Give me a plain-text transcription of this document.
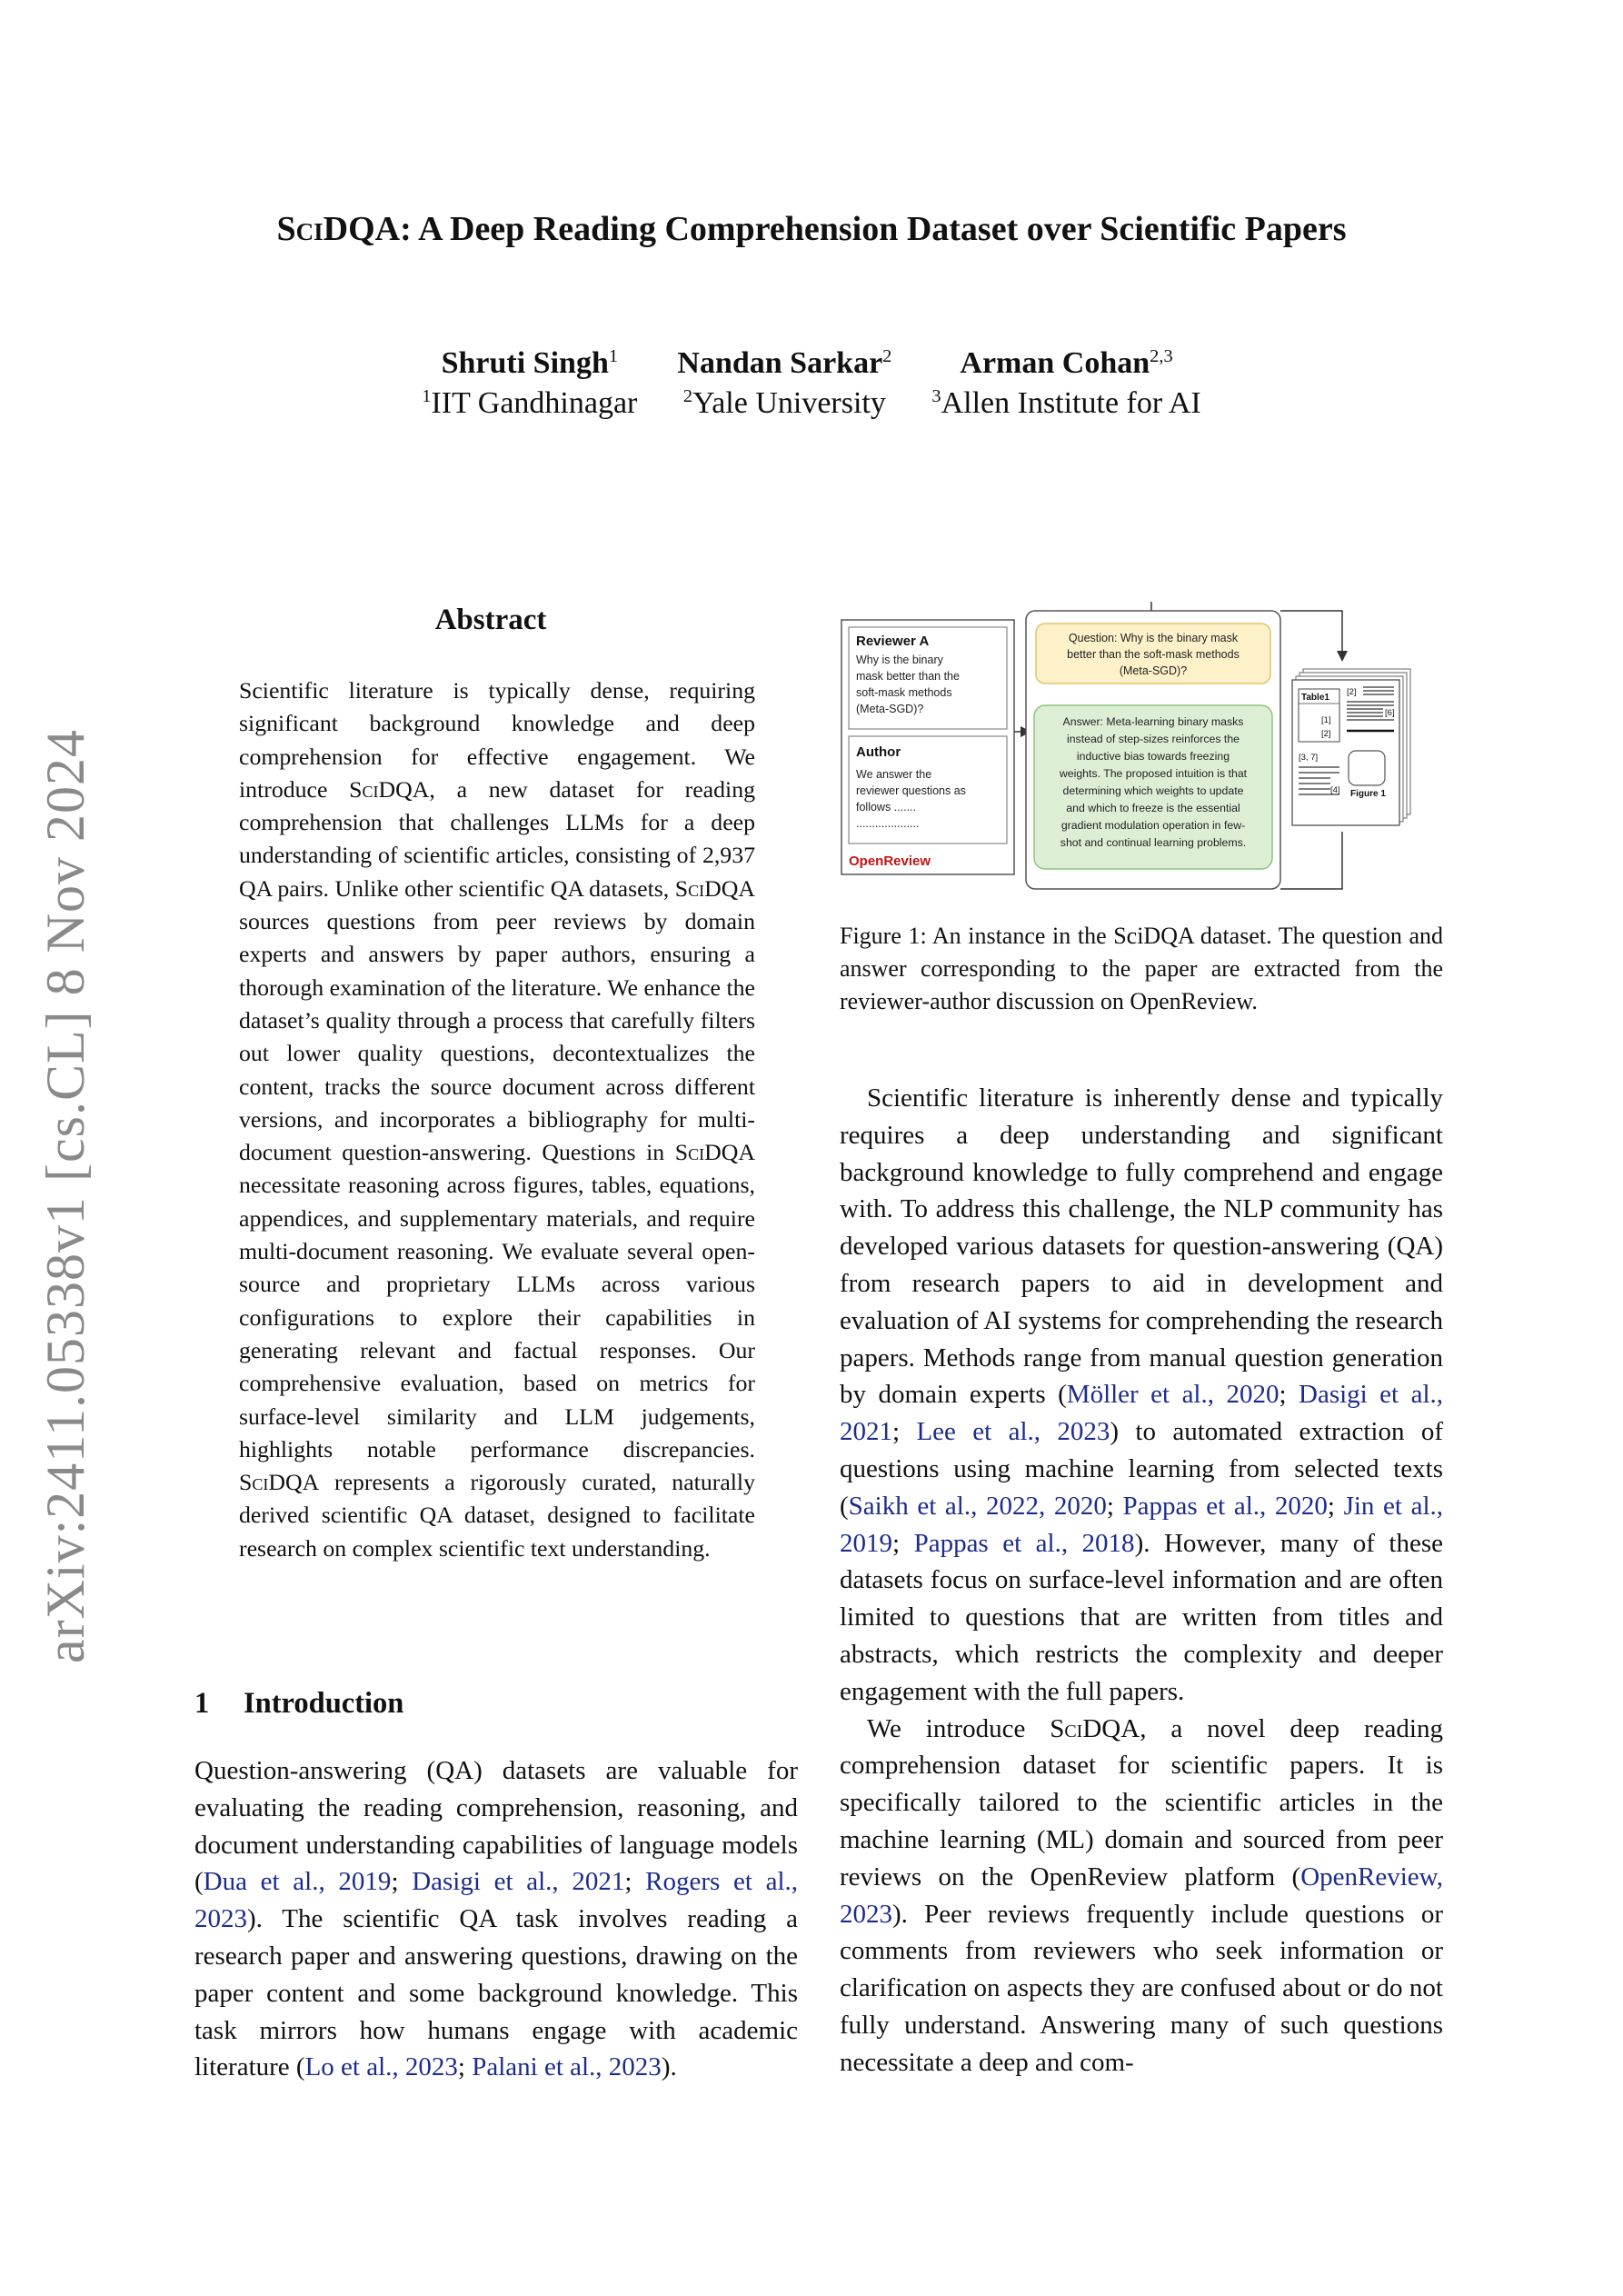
arXiv:2411.05338v1 [cs.CL] 8 Nov 2024
SciDQA: A Deep Reading Comprehension Dataset over Scientific Papers
Shruti Singh$^1$
$^1$IIT GandhinagarNandan Sarkar$^2$
$^2$Yale UniversityArman Cohan$^{2,3}$
$^3$Allen Institute for AI
Abstract

Scientific literature is typically dense, requiring significant background knowledge and deep comprehension for effective engagement. We introduce SciDQA, a new dataset for reading comprehension that challenges LLMs for a deep understanding of scientific articles, consisting of 2,937 QA pairs. Unlike other scientific QA datasets, SciDQA sources questions from peer reviews by domain experts and answers by paper authors, ensuring a thorough examination of the literature. We enhance the dataset’s quality through a process that carefully filters out lower quality questions, decontextualizes the content, tracks the source document across different versions, and incorporates a bibliography for multi-document question-answering. Questions in SciDQA necessitate reasoning across figures, tables, equations, appendices, and supplementary materials, and require multi-document reasoning. We evaluate several open-source and proprietary LLMs across various configurations to explore their capabilities in generating relevant and factual responses. Our comprehensive evaluation, based on metrics for surface-level similarity and LLM judgements, highlights notable performance discrepancies. SciDQA represents a rigorously curated, naturally derived scientific QA dataset, designed to facilitate research on complex scientific text understanding.

1 Introduction

Question-answering (QA) datasets are valuable for evaluating the reading comprehension, reasoning, and document understanding capabilities of language models (Dua et al., 2019; Dasigi et al., 2021; Rogers et al., 2023). The scientific QA task involves reading a research paper and answering questions, drawing on the paper content and some background knowledge. This task mirrors how humans engage with academic literature (Lo et al., 2023; Palani et al., 2023).

Reviewer A
Why is the binary
mask better than the
soft-mask methods
(Meta-SGD)?
Author
We answer the
reviewer questions as
follows .......
....................
OpenReview
Question: Why is the binary mask
better than the soft-mask methods
(Meta-SGD)?
Answer: Meta-learning binary masks
instead of step-sizes reinforces the
inductive bias towards freezing
weights. The proposed intuition is that
determining which weights to update
and which to freeze is the essential
gradient modulation operation in few-
shot and continual learning problems.
Table1
[1]
[2]
[2]
[6]
[3, 7]
[4] Figure 1

Figure 1: An instance in the SciDQA dataset. The question and answer corresponding to the paper are extracted from the reviewer-author discussion on OpenReview.

Scientific literature is inherently dense and typically requires a deep understanding and significant background knowledge to fully comprehend and engage with. To address this challenge, the NLP community has developed various datasets for question-answering (QA) from research papers to aid in development and evaluation of AI systems for comprehending the research papers. Methods range from manual question generation by domain experts (Möller et al., 2020; Dasigi et al., 2021; Lee et al., 2023) to automated extraction of questions using machine learning from selected texts (Saikh et al., 2022, 2020; Pappas et al., 2020; Jin et al., 2019; Pappas et al., 2018). However, many of these datasets focus on surface-level information and are often limited to questions that are written from titles and abstracts, which restricts the complexity and deeper engagement with the full papers.

We introduce SciDQA, a novel deep reading comprehension dataset for scientific papers. It is specifically tailored to the scientific articles in the machine learning (ML) domain and sourced from peer reviews on the OpenReview platform (OpenReview, 2023). Peer reviews frequently include questions or comments from reviewers who seek information or clarification on aspects they are confused about or do not fully understand. Answering many of such questions necessitate a deep and com-
